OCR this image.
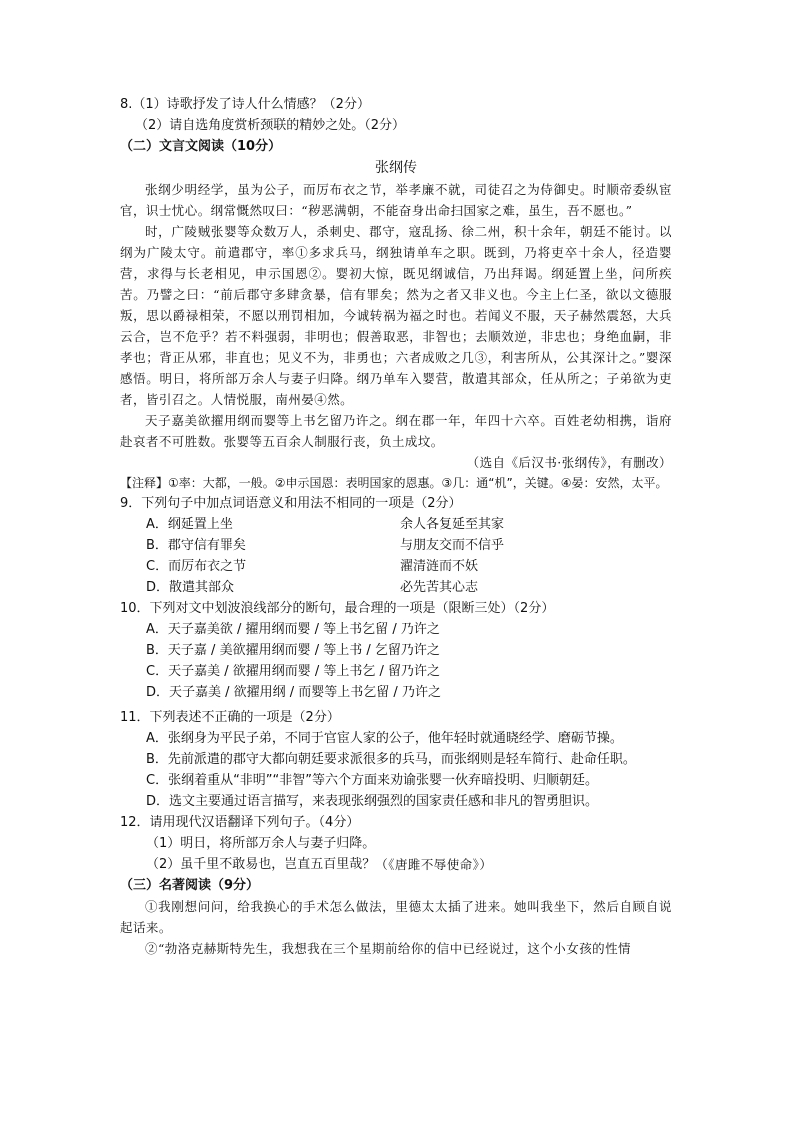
8.（1）诗歌抒发了诗人什么情感？（2分）
（2）请自选角度赏析颈联的精妙之处。（2分）
（二）文言文阅读（10分）
张纲传
张纲少明经学，虽为公子，而厉布衣之节，举孝廉不就，司徒召之为侍御史。时顺帝委纵宦官，识士忧心。纲常慨然叹曰：“秽恶满朝，不能奋身出命扫国家之难，虽生，吾不愿也。”
时，广陵贼张婴等众数万人，杀刺史、郡守，寇乱扬、徐二州，积十余年，朝廷不能讨。以纲为广陵太守。前遣郡守，率①多求兵马，纲独请单车之职。既到，乃将吏卒十余人，径造婴营，求得与长老相见，申示国恩②。婴初大惊，既见纲诚信，乃出拜谒。纲延置上坐，问所疾苦。乃譬之曰：“前后郡守多肆贪暴，信有罪矣；然为之者又非义也。今主上仁圣，欲以文德服叛，思以爵禄相荣，不愿以刑罚相加，今诚转祸为福之时也。若闻义不服，天子赫然震怒，大兵云合，岂不危乎？若不料强弱，非明也；假善取恶，非智也；去顺效逆，非忠也；身绝血嗣，非孝也；背正从邪，非直也；见义不为，非勇也；六者成败之几③，利害所从，公其深计之。”婴深感悟。明日，将所部万余人与妻子归降。纲乃单车入婴营，散遣其部众，任从所之；子弟欲为吏者，皆引召之。人情悦服，南州晏④然。
天子嘉美欲擢用纲而婴等上书乞留乃许之。纲在郡一年，年四十六卒。百姓老幼相携，诣府赴哀者不可胜数。张婴等五百余人制服行丧，负土成坟。
（选自《后汉书·张纲传》，有删改）
【注释】①率：大都，一般。②申示国恩：表明国家的恩惠。③几：通“机”，关键。④晏：安然，太平。
9．下列句子中加点词语意义和用法不相同的一项是（2分）
A．纲延置上坐	余人各复延至其家
B．郡守信有罪矣	与朋友交而不信乎
C．而厉布衣之节	濯清涟而不妖
D．散遣其部众	必先苦其心志
10．下列对文中划波浪线部分的断句，最合理的一项是（限断三处）（2分）
A．天子嘉美欲 / 擢用纲而婴 / 等上书乞留 / 乃许之
B．天子嘉 / 美欲擢用纲而婴 / 等上书 / 乞留乃许之
C．天子嘉美 / 欲擢用纲而婴 / 等上书乞 / 留乃许之
D．天子嘉美 / 欲擢用纲 / 而婴等上书乞留 / 乃许之
11．下列表述不正确的一项是（2分）
A．张纲身为平民子弟，不同于官宦人家的公子，他年轻时就通晓经学、磨砺节操。
B．先前派遣的郡守大都向朝廷要求派很多的兵马，而张纲则是轻车简行、赴命任职。
C．张纲着重从“非明”“非智”等六个方面来劝谕张婴一伙弃暗投明、归顺朝廷。
D．选文主要通过语言描写，来表现张纲强烈的国家责任感和非凡的智勇胆识。
12．请用现代汉语翻译下列句子。（4分）
（1）明日，将所部万余人与妻子归降。
（2）虽千里不敢易也，岂直五百里哉？ （《唐雎不辱使命》）
（三）名著阅读（9分）
①我刚想问问，给我换心的手术怎么做法，里德太太插了进来。她叫我坐下，然后自顾自说起话来。
②“勃洛克赫斯特先生，我想我在三个星期前给你的信中已经说过，这个小女孩的性情
